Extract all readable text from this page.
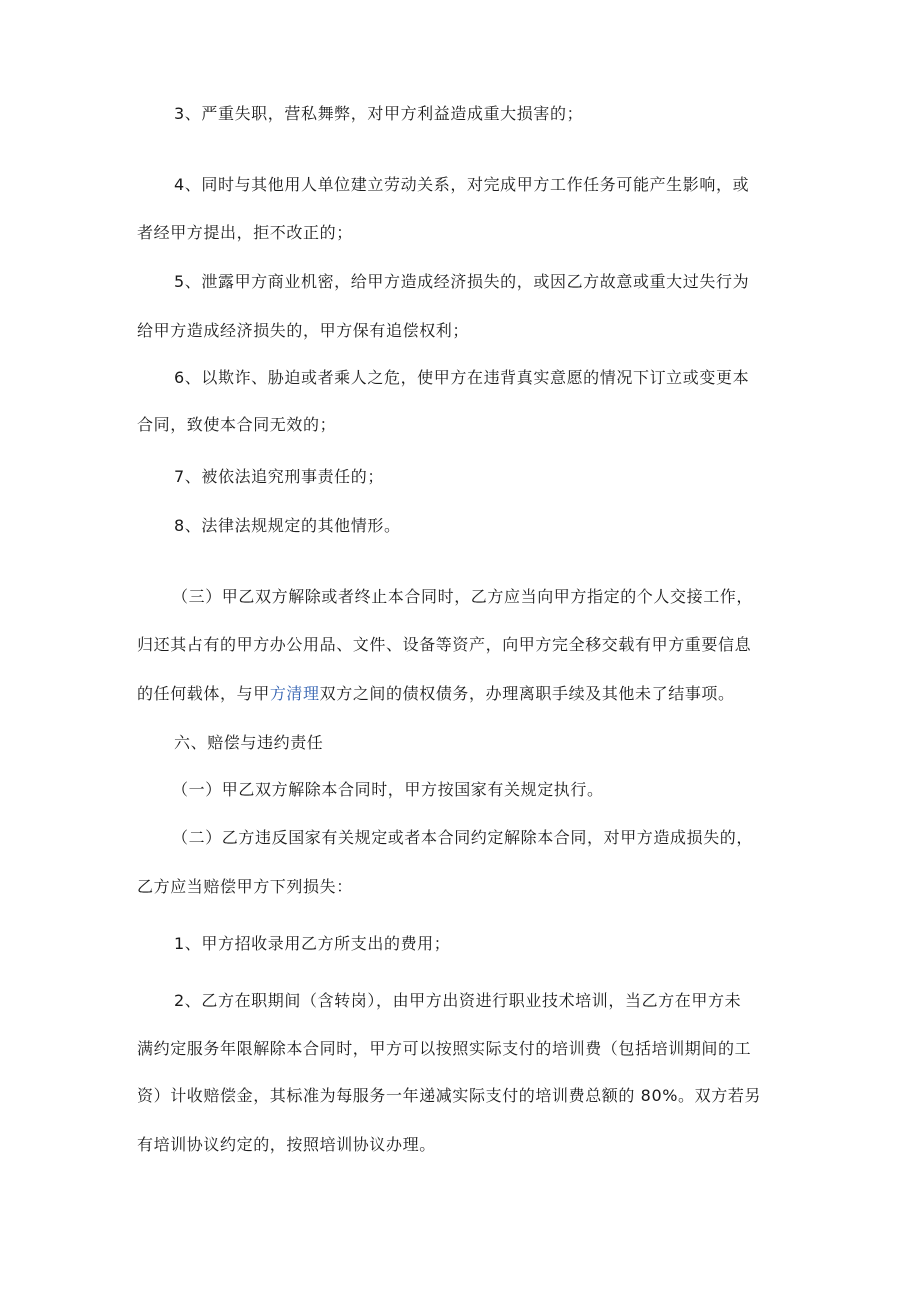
3、严重失职，营私舞弊，对甲方利益造成重大损害的；
4、同时与其他用人单位建立劳动关系，对完成甲方工作任务可能产生影响，或
者经甲方提出，拒不改正的；
5、泄露甲方商业机密，给甲方造成经济损失的，或因乙方故意或重大过失行为
给甲方造成经济损失的，甲方保有追偿权利；
6、以欺诈、胁迫或者乘人之危，使甲方在违背真实意愿的情况下订立或变更本
合同，致使本合同无效的；
7、被依法追究刑事责任的；
8、法律法规规定的其他情形。
（三）甲乙双方解除或者终止本合同时，乙方应当向甲方指定的个人交接工作，
归还其占有的甲方办公用品、文件、设备等资产，向甲方完全移交载有甲方重要信息
的任何载体，与甲方清理双方之间的债权债务，办理离职手续及其他未了结事项。
六、赔偿与违约责任
（一）甲乙双方解除本合同时，甲方按国家有关规定执行。
（二）乙方违反国家有关规定或者本合同约定解除本合同，对甲方造成损失的，
乙方应当赔偿甲方下列损失：
1、甲方招收录用乙方所支出的费用；
2、乙方在职期间（含转岗），由甲方出资进行职业技术培训，当乙方在甲方未
满约定服务年限解除本合同时，甲方可以按照实际支付的培训费（包括培训期间的工
资）计收赔偿金，其标准为每服务一年递减实际支付的培训费总额的 80%。双方若另
有培训协议约定的，按照培训协议办理。
